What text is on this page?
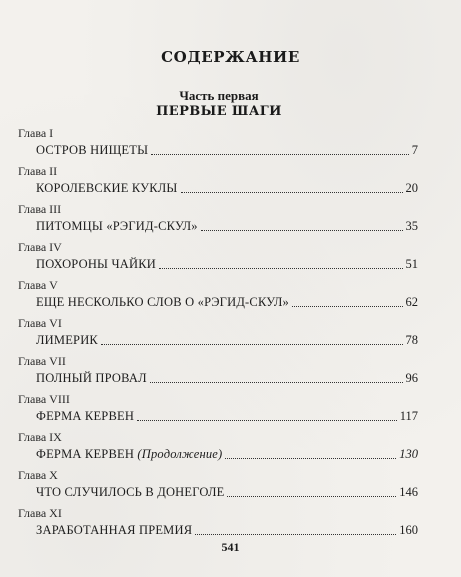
СОДЕРЖАНИЕ
Часть первая
ПЕРВЫЕ ШАГИ
Глава I
ОСТРОВ НИЩЕТЫ	7
Глава II
КОРОЛЕВСКИЕ КУКЛЫ	20
Глава III
ПИТОМЦЫ «РЭГИД-СКУЛ»	35
Глава IV
ПОХОРОНЫ ЧАЙКИ	51
Глава V
ЕЩЕ НЕСКОЛЬКО СЛОВ О «РЭГИД-СКУЛ»	62
Глава VI
ЛИМЕРИК	78
Глава VII
ПОЛНЫЙ ПРОВАЛ	96
Глава VIII
ФЕРМА КЕРВЕН	117
Глава IX
ФЕРМА КЕРВЕН (Продолжение)	130
Глава X
ЧТО СЛУЧИЛОСЬ В ДОНЕГОЛЕ	146
Глава XI
ЗАРАБОТАННАЯ ПРЕМИЯ	160
541
